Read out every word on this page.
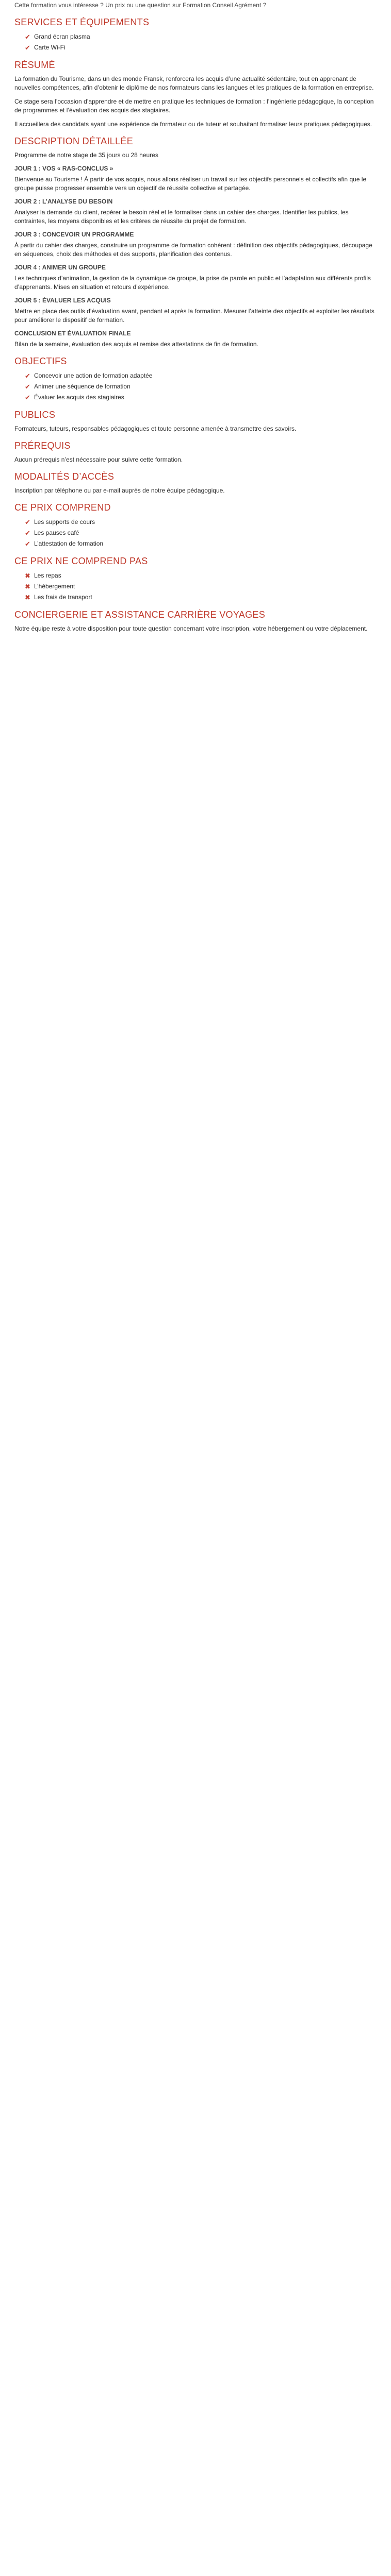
Cette formation vous intéresse ? Un prix ou une question sur Formation Conseil Agrément ?

SERVICES ET ÉQUIPEMENTS
✔ Grand écran plasma
✔ Carte Wi-Fi
RÉSUMÉ

La formation du Tourisme, dans un des monde Fransk, renforcera les acquis d’une actualité sédentaire, tout en apprenant de nouvelles compétences, afin d’obtenir le diplôme de nos formateurs dans les langues et les pratiques de la formation en entreprise.

Ce stage sera l’occasion d’apprendre et de mettre en pratique les techniques de formation : l’ingénierie pédagogique, la conception de programmes et l’évaluation des acquis des stagiaires.

Il accueillera des candidats ayant une expérience de formateur ou de tuteur et souhaitant formaliser leurs pratiques pédagogiques.

DESCRIPTION DÉTAILLÉE

Programme de notre stage de 35 jours ou 28 heures

JOUR 1 : VOS « RAS-CONCLUS »

Bienvenue au Tourisme ! À partir de vos acquis, nous allons réaliser un travail sur les objectifs personnels et collectifs afin que le groupe puisse progresser ensemble vers un objectif de réussite collective et partagée.

JOUR 2 : L’ANALYSE DU BESOIN

Analyser la demande du client, repérer le besoin réel et le formaliser dans un cahier des charges. Identifier les publics, les contraintes, les moyens disponibles et les critères de réussite du projet de formation.

JOUR 3 : CONCEVOIR UN PROGRAMME

À partir du cahier des charges, construire un programme de formation cohérent : définition des objectifs pédagogiques, découpage en séquences, choix des méthodes et des supports, planification des contenus.

JOUR 4 : ANIMER UN GROUPE

Les techniques d’animation, la gestion de la dynamique de groupe, la prise de parole en public et l’adaptation aux différents profils d’apprenants. Mises en situation et retours d’expérience.

JOUR 5 : ÉVALUER LES ACQUIS

Mettre en place des outils d’évaluation avant, pendant et après la formation. Mesurer l’atteinte des objectifs et exploiter les résultats pour améliorer le dispositif de formation.

CONCLUSION ET ÉVALUATION FINALE

Bilan de la semaine, évaluation des acquis et remise des attestations de fin de formation.

OBJECTIFS
✔ Concevoir une action de formation adaptée
✔ Animer une séquence de formation
✔ Évaluer les acquis des stagiaires
PUBLICS

Formateurs, tuteurs, responsables pédagogiques et toute personne amenée à transmettre des savoirs.

PRÉREQUIS

Aucun prérequis n’est nécessaire pour suivre cette formation.

MODALITÉS D’ACCÈS

Inscription par téléphone ou par e-mail auprès de notre équipe pédagogique.

CE PRIX COMPREND
✔ Les supports de cours
✔ Les pauses café
✔ L’attestation de formation
CE PRIX NE COMPREND PAS
✖ Les repas
✖ L’hébergement
✖ Les frais de transport
CONCIERGERIE ET ASSISTANCE CARRIÈRE VOYAGES

Notre équipe reste à votre disposition pour toute question concernant votre inscription, votre hébergement ou votre déplacement.
